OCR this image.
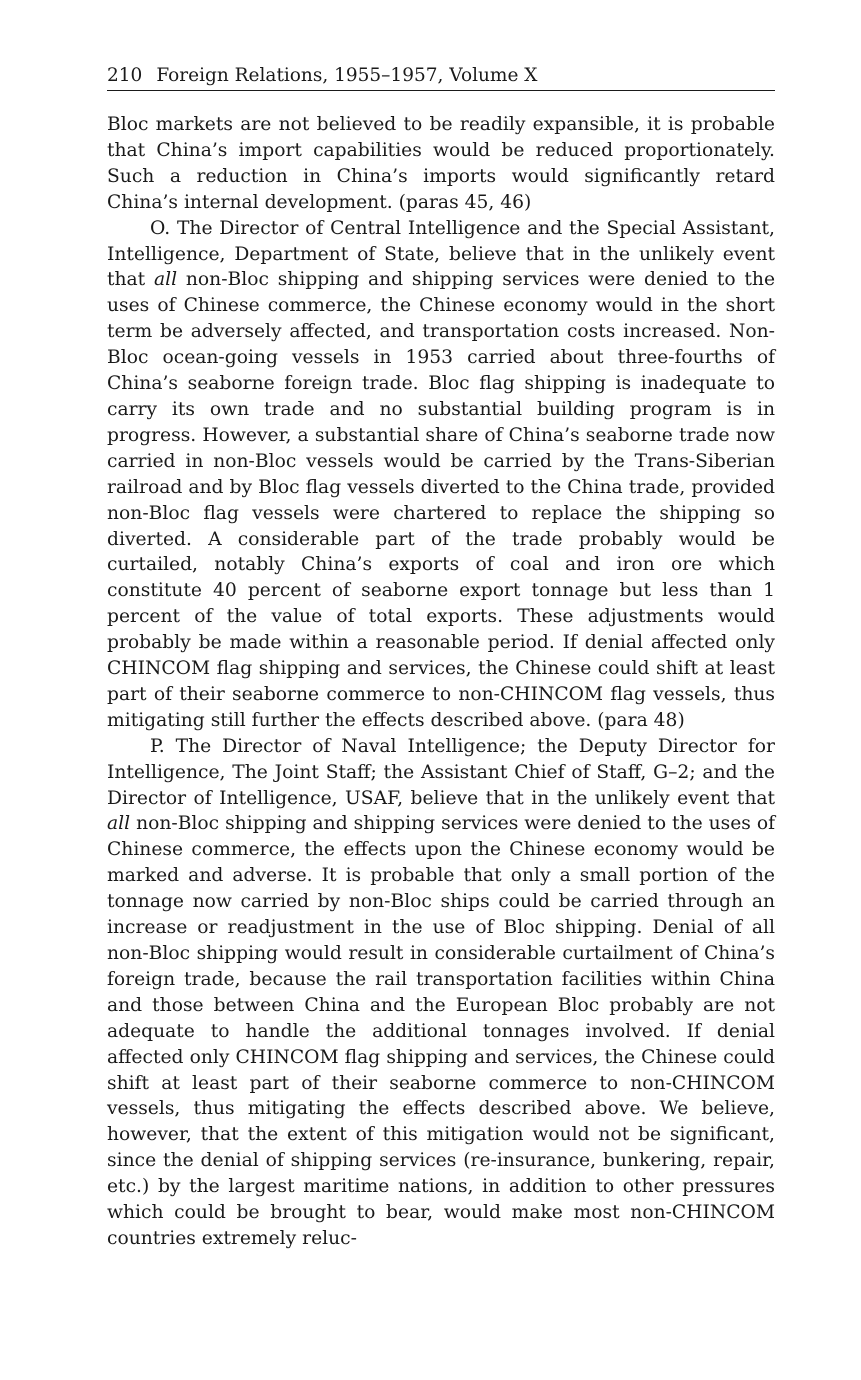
210 Foreign Relations, 1955–1957, Volume X

Bloc markets are not believed to be readily expansible, it is probable that China’s import capabilities would be reduced proportionately. Such a reduction in China’s imports would significantly retard China’s internal development. (paras 45, 46)

O. The Director of Central Intelligence and the Special Assistant, Intelligence, Department of State, believe that in the unlikely event that all non-Bloc shipping and shipping services were denied to the uses of Chinese commerce, the Chinese economy would in the short term be adversely affected, and transportation costs increased. Non-Bloc ocean-going vessels in 1953 carried about three-fourths of China’s seaborne foreign trade. Bloc flag shipping is inadequate to carry its own trade and no substantial building program is in progress. However, a substantial share of China’s seaborne trade now carried in non-Bloc vessels would be carried by the Trans-Siberian railroad and by Bloc flag vessels diverted to the China trade, provided non-Bloc flag vessels were chartered to replace the shipping so diverted. A considerable part of the trade probably would be curtailed, notably China’s exports of coal and iron ore which constitute 40 percent of seaborne export tonnage but less than 1 percent of the value of total exports. These adjustments would probably be made within a reasonable period. If denial affected only CHINCOM flag shipping and services, the Chinese could shift at least part of their seaborne commerce to non-CHINCOM flag vessels, thus mitigating still further the effects described above. (para 48)

P. The Director of Naval Intelligence; the Deputy Director for Intelligence, The Joint Staff; the Assistant Chief of Staff, G–2; and the Director of Intelligence, USAF, believe that in the unlikely event that all non-Bloc shipping and shipping services were denied to the uses of Chinese commerce, the effects upon the Chinese economy would be marked and adverse. It is probable that only a small portion of the tonnage now carried by non-Bloc ships could be carried through an increase or readjustment in the use of Bloc shipping. Denial of all non-Bloc shipping would result in considerable curtailment of China’s foreign trade, because the rail transportation facilities within China and those between China and the European Bloc probably are not adequate to handle the additional tonnages involved. If denial affected only CHINCOM flag shipping and services, the Chinese could shift at least part of their seaborne commerce to non-CHINCOM vessels, thus mitigating the effects described above. We believe, however, that the extent of this mitigation would not be significant, since the denial of shipping services (re-insurance, bunkering, repair, etc.) by the largest maritime nations, in addition to other pressures which could be brought to bear, would make most non-CHINCOM countries extremely reluc-
